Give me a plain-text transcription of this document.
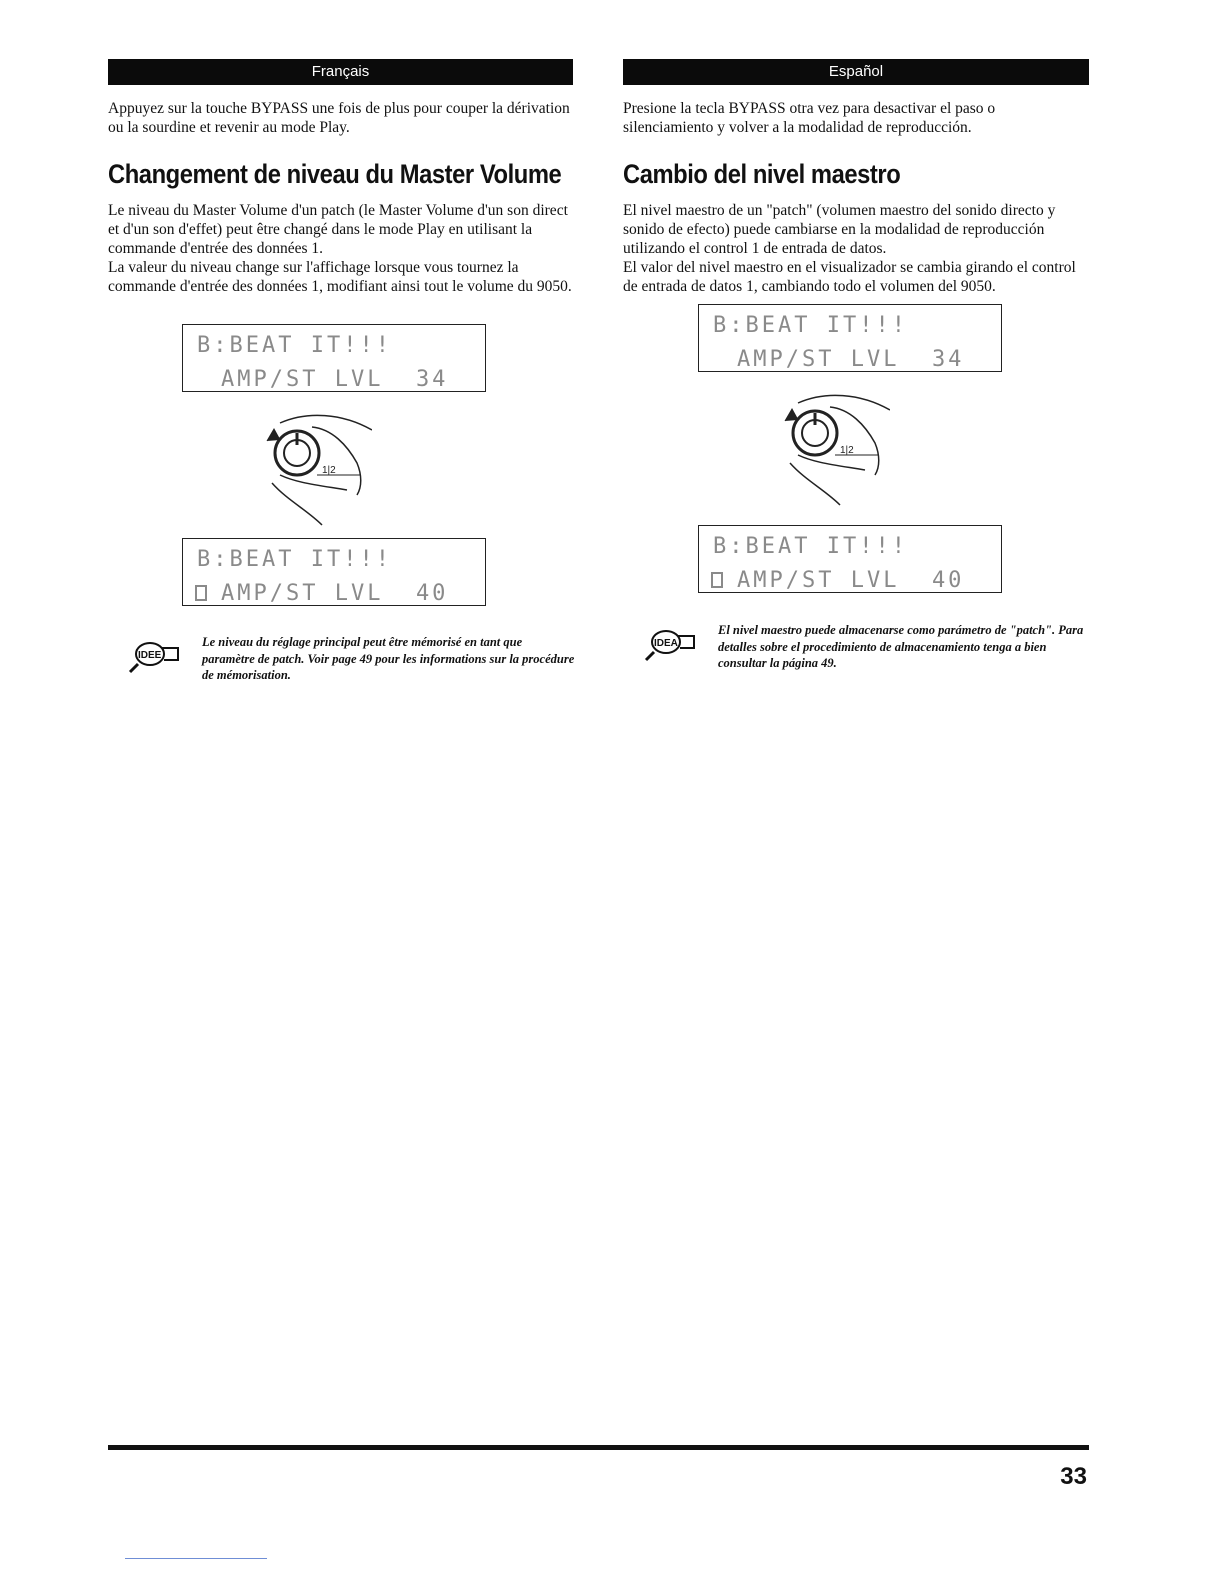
Français

Appuyez sur la touche BYPASS une fois de plus pour couper la dérivation ou la sourdine et revenir au mode Play.

Changement de niveau du Master Volume

Le niveau du Master Volume d'un patch (le Master Volume d'un son direct et d'un son d'effet) peut être changé dans le mode Play en utilisant la commande d'entrée des données 1.
La valeur du niveau change sur l'affichage lorsque vous tournez la commande d'entrée des données 1, modifiant ainsi tout le volume du 9050.

B:BEAT IT!!!

AMP/ST LVL  34

1|2

B:BEAT IT!!!

AMP/ST LVL  40

IDEE
Le niveau du réglage principal peut être mémorisé en tant que paramètre de patch. Voir page 49 pour les informations sur la procédure de mémorisation.
Español

Presione la tecla BYPASS otra vez para desactivar el paso o silenciamiento y volver a la modalidad de reproducción.

Cambio del nivel maestro

El nivel maestro de un "patch" (volumen maestro del sonido directo y sonido de efecto) puede cambiarse en la modalidad de reproducción utilizando el control 1 de entrada de datos.
El valor del nivel maestro en el visualizador se cambia girando el control de entrada de datos 1, cambiando todo el volumen del 9050.

B:BEAT IT!!!

AMP/ST LVL  34

1|2

B:BEAT IT!!!

AMP/ST LVL  40

IDEA
El nivel maestro puede almacenarse como parámetro de "patch". Para detalles sobre el procedimiento de almacenamiento tenga a bien consultar la página 49.
33
